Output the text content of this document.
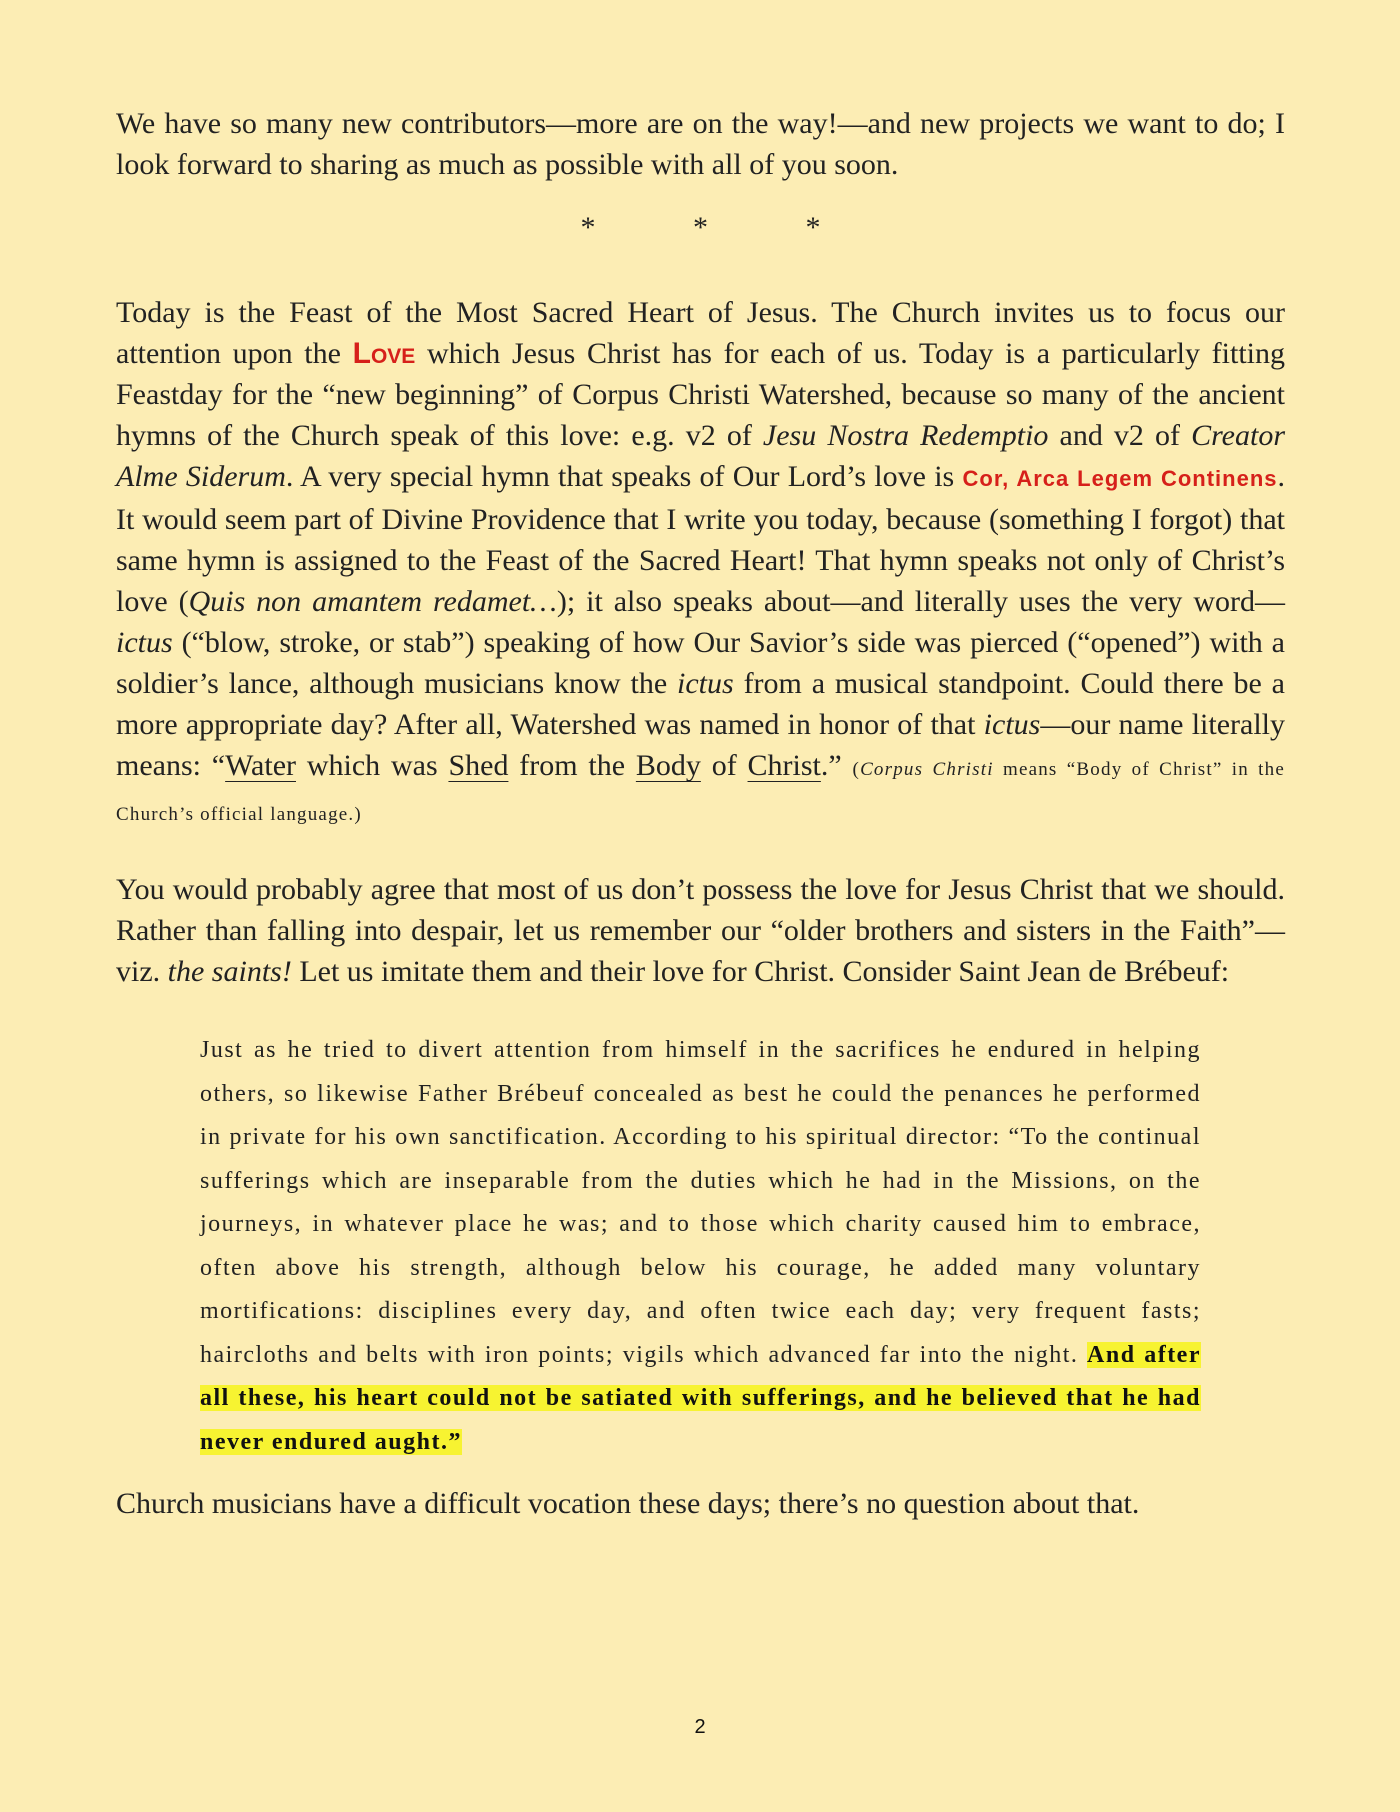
We have so many new contributors—more are on the way!—and new projects we want to do; I look forward to sharing as much as possible with all of you soon.

* * *

Today is the Feast of the Most Sacred Heart of Jesus. The Church invites us to focus our attention upon the Love which Jesus Christ has for each of us. Today is a particularly fitting Feastday for the “new beginning” of Corpus Christi Watershed, because so many of the ancient hymns of the Church speak of this love: e.g. v2 of Jesu Nostra Redemptio and v2 of Creator Alme Siderum. A very special hymn that speaks of Our Lord’s love is Cor, Arca Legem Continens. It would seem part of Divine Providence that I write you today, because (something I forgot) that same hymn is assigned to the Feast of the Sacred Heart! That hymn speaks not only of Christ’s love (Quis non amantem redamet…); it also speaks about—and literally uses the very word—ictus (“blow, stroke, or stab”) speaking of how Our Savior’s side was pierced (“opened”) with a soldier’s lance, although musicians know the ictus from a musical standpoint. Could there be a more appropriate day? After all, Watershed was named in honor of that ictus—our name literally means: “Water which was Shed from the Body of Christ.” (Corpus Christi means “Body of Christ” in the Church’s official language.)

You would probably agree that most of us don’t possess the love for Jesus Christ that we should. Rather than falling into despair, let us remember our “older brothers and sisters in the Faith”—viz. the saints! Let us imitate them and their love for Christ. Consider Saint Jean de Brébeuf:

Just as he tried to divert attention from himself in the sacrifices he endured in helping others, so likewise Father Brébeuf concealed as best he could the penances he performed in private for his own sanctification. According to his spiritual director: “To the continual sufferings which are inseparable from the duties which he had in the Missions, on the journeys, in whatever place he was; and to those which charity caused him to embrace, often above his strength, although below his courage, he added many voluntary mortifications: disciplines every day, and often twice each day; very frequent fasts; haircloths and belts with iron points; vigils which advanced far into the night. And after all these, his heart could not be satiated with sufferings, and he believed that he had never endured aught.”

Church musicians have a difficult vocation these days; there’s no question about that.

2
